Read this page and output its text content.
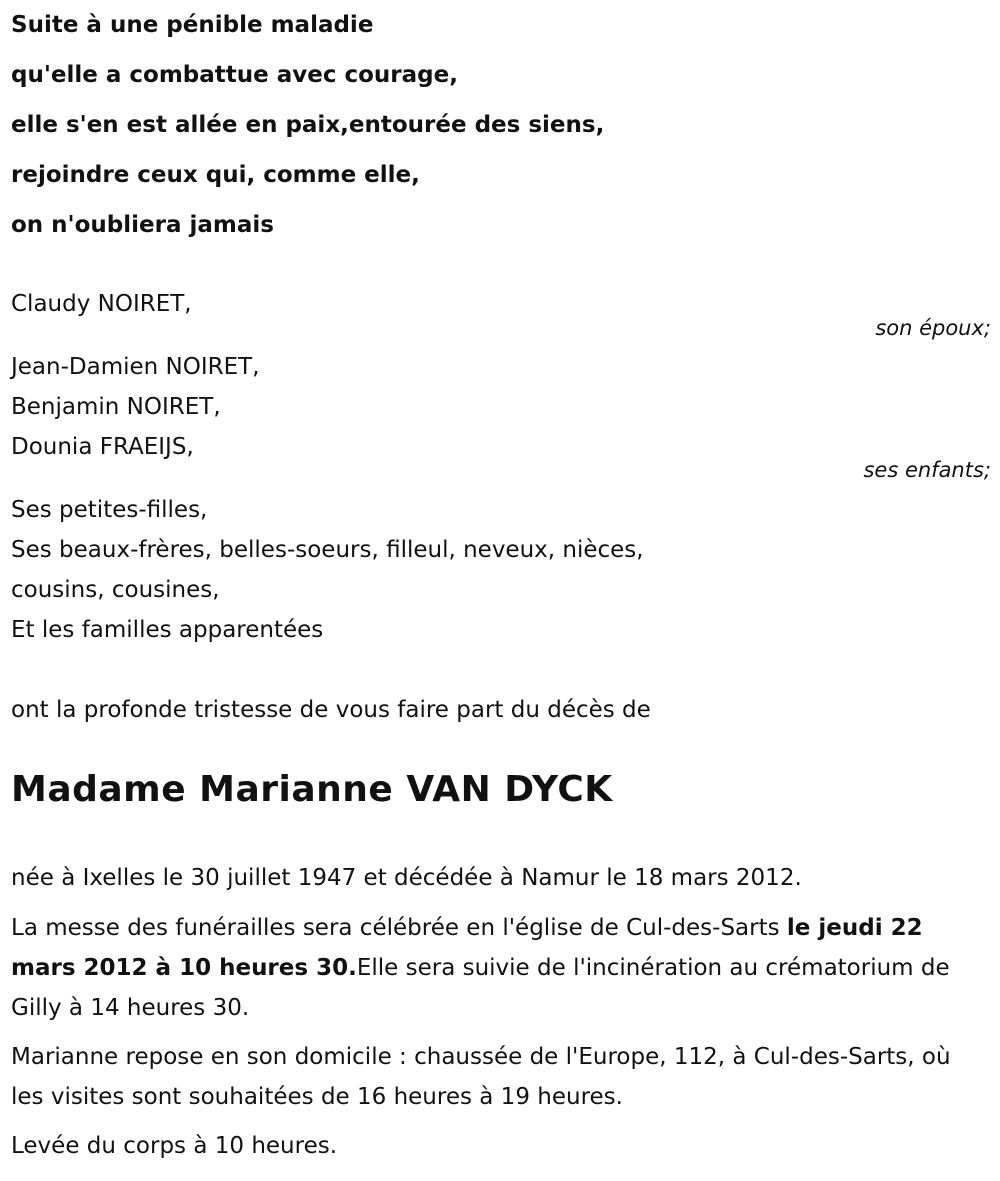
Suite à une pénible maladie

qu'elle a combattue avec courage,

elle s'en est allée en paix,entourée des siens,

rejoindre ceux qui, comme elle,

on n'oubliera jamais

Claudy NOIRET,

son époux;

Jean-Damien NOIRET,

Benjamin NOIRET,

Dounia FRAEIJS,

ses enfants;

Ses petites-filles,

Ses beaux-frères, belles-soeurs, filleul, neveux, nièces,

cousins, cousines,

Et les familles apparentées

ont la profonde tristesse de vous faire part du décès de

Madame Marianne VAN DYCK

née à Ixelles le 30 juillet 1947 et décédée à Namur le 18 mars 2012.

La messe des funérailles sera célébrée en l'église de Cul-des-Sarts le jeudi 22 mars 2012 à 10 heures 30.Elle sera suivie de l'incinération au crématorium de Gilly à 14 heures 30.

Marianne repose en son domicile : chaussée de l'Europe, 112, à Cul-des-Sarts, où les visites sont souhaitées de 16 heures à 19 heures.

Levée du corps à 10 heures.
